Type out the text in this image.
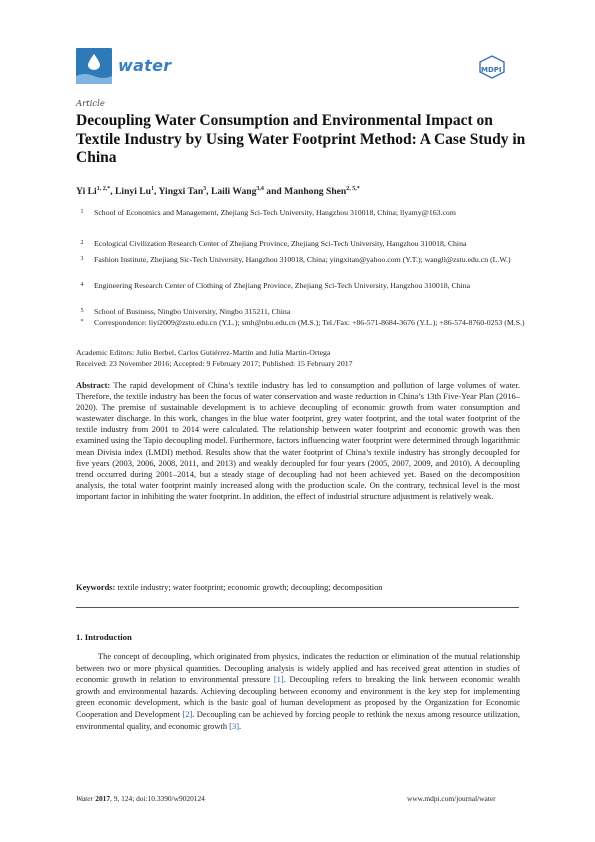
water	MDPI
Article
Decoupling Water Consumption and Environmental Impact on Textile Industry by Using Water Footprint Method: A Case Study in China
Yi $Li^{1, 2,*}$, Linyi Lu$^1$, Yingxi Tan$^3$, Laili Wang$^{3,4}$ and Manhong Shen$^{2, 5,*}$
1	School of Economics and Management, Zhejiang Sci-Tech University, Hangzhou 310018, China; llyamy@163.com
2	Ecological Civilization Research Center of Zhejiang Province, Zhejiang Sci-Tech University, Hangzhou 310018, China
3	Fashion Institute, Zhejiang Sic-Tech University, Hangzhou 310018, China; yingxitan@yahoo.com (Y.T.); wangll@zstu.edu.cn (L.W.)
4	Engineering Research Center of Clothing of Zhejiang Province, Zhejiang Sci-Tech University, Hangzhou 310018, China
5	School of Business, Ningbo University, Ningbo 315211, China
*	Correspondence: liyi2009@zstu.edu.cn (Y.L.); smh@nbu.edu.cn (M.S.); Tel./Fax: +86-571-8684-3676 (Y.L.); +86-574-8760-0253 (M.S.)
Academic Editors: Julio Berbel, Carlos Gutiérrez-Martín and Julia Martin-Ortega
Received: 23 November 2016; Accepted: 9 February 2017; Published: 15 February 2017
Abstract: The rapid development of China’s textile industry has led to consumption and pollution of large volumes of water. Therefore, the textile industry has been the focus of water conservation and waste reduction in China’s 13th Five-Year Plan (2016–2020). The premise of sustainable development is to achieve decoupling of economic growth from water consumption and wastewater discharge. In this work, changes in the blue water footprint, grey water footprint, and the total water footprint of the textile industry from 2001 to 2014 were calculated. The relationship between water footprint and economic growth was then examined using the Tapio decoupling model. Furthermore, factors influencing water footprint were determined through logarithmic mean Divisia index (LMDI) method. Results show that the water footprint of China’s textile industry has strongly decoupled for five years (2003, 2006, 2008, 2011, and 2013) and weakly decoupled for four years (2005, 2007, 2009, and 2010). A decoupling trend occurred during 2001–2014, but a steady stage of decoupling had not been achieved yet. Based on the decomposition analysis, the total water footprint mainly increased along with the production scale. On the contrary, technical level is the most important factor in inhibiting the water footprint. In addition, the effect of industrial structure adjustment is relatively weak.
Keywords: textile industry; water footprint; economic growth; decoupling; decomposition
1. Introduction
The concept of decoupling, which originated from physics, indicates the reduction or elimination of the mutual relationship between two or more physical quantities. Decoupling analysis is widely applied and has received great attention in studies of economic growth in relation to environmental pressure [1]. Decoupling refers to breaking the link between economic wealth growth and environmental hazards. Achieving decoupling between economy and environment is the key step for implementing green economic development, which is the basic goal of human development as proposed by the Organization for Economic Cooperation and Development [2]. Decoupling can be achieved by forcing people to rethink the nexus among resource utilization, environmental quality, and economic growth [3].
Water 2017, 9, 124; doi:10.3390/w9020124	www.mdpi.com/journal/water
